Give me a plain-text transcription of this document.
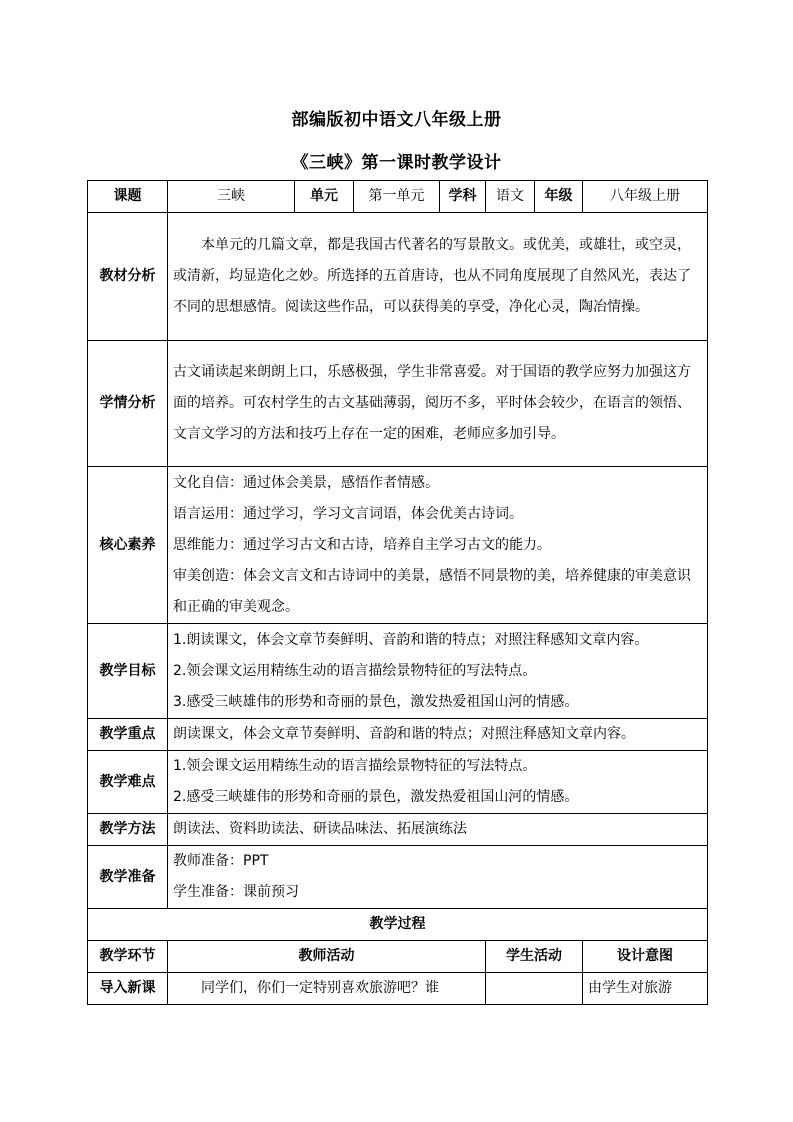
部编版初中语文八年级上册
《三峡》第一课时教学设计
课题	三峡	单元	第一单元	学科	语文	年级	八年级上册
教材分析	本单元的几篇文章，都是我国古代著名的写景散文。或优美，或雄壮，或空灵，或清新，均显造化之妙。所选择的五首唐诗，也从不同角度展现了自然风光，表达了不同的思想感情。阅读这些作品，可以获得美的享受，净化心灵，陶冶情操。						

学情分析	古文诵读起来朗朗上口，乐感极强，学生非常喜爱。对于国语的教学应努力加强这方面的培养。可农村学生的古文基础薄弱，阅历不多，平时体会较少，在语言的领悟、文言文学习的方法和技巧上存在一定的困难，老师应多加引导。						

核心素养	文化自信：通过体会美景，感悟作者情感。

语言运用：通过学习，学习文言词语，体会优美古诗词。

思维能力：通过学习古文和古诗，培养自主学习古文的能力。

审美创造：体会文言文和古诗词中的美景，感悟不同景物的美，培养健康的审美意识和正确的审美观念。						

教学目标	1.朗读课文，体会文章节奏鲜明、音韵和谐的特点；对照注释感知文章内容。

2.领会课文运用精练生动的语言描绘景物特征的写法特点。

3.感受三峡雄伟的形势和奇丽的景色，激发热爱祖国山河的情感。						

教学重点	朗读课文，体会文章节奏鲜明、音韵和谐的特点；对照注释感知文章内容。						
教学难点	1.领会课文运用精练生动的语言描绘景物特征的写法特点。

2.感受三峡雄伟的形势和奇丽的景色，激发热爱祖国山河的情感。						

教学方法	朗读法、资料助读法、研读品味法、拓展演练法						
教学准备	教师准备：PPT

学生准备：课前预习						

教学过程							
教学环节	教师活动				学生活动		设计意图
导入新课	同学们，你们一定特别喜欢旅游吧？谁						由学生对旅游
